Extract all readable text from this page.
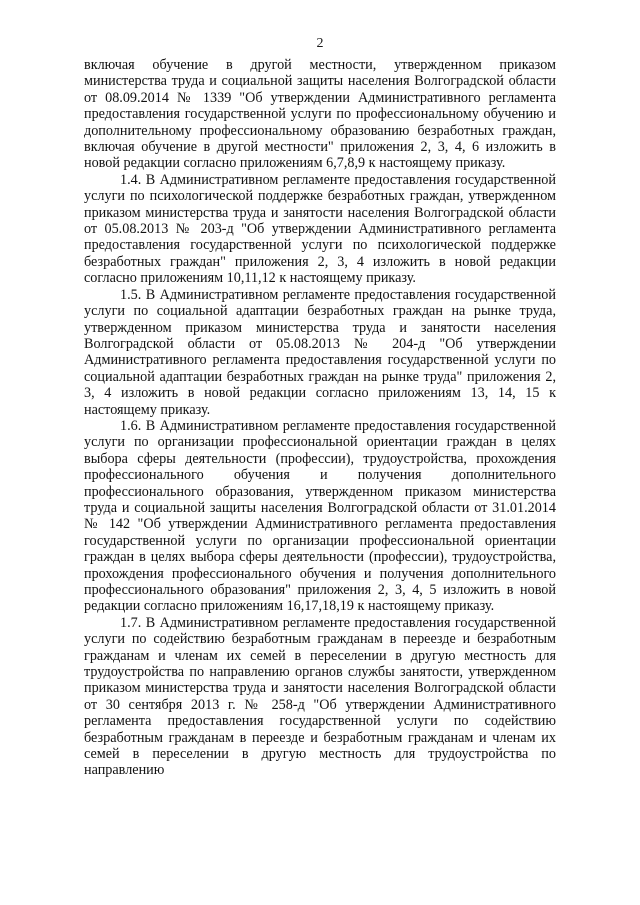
2

включая обучение в другой местности, утвержденном приказом министерства труда и социальной защиты населения Волгоградской области от 08.09.2014 № 1339 "Об утверждении Административного регламента предоставления государственной услуги по профессиональному обучению и дополнительному профессиональному образованию безработных граждан, включая обучение в другой местности" приложения 2, 3, 4, 6 изложить в новой редакции согласно приложениям 6,7,8,9 к настоящему приказу.

1.4. В Административном регламенте предоставления государственной услуги по психологической поддержке безработных граждан, утвержденном приказом министерства труда и занятости населения Волгоградской области от 05.08.2013 № 203-д "Об утверждении Административного регламента предоставления государственной услуги по психологической поддержке безработных граждан" приложения 2, 3, 4 изложить в новой редакции согласно приложениям 10,11,12 к настоящему приказу.

1.5. В Административном регламенте предоставления государственной услуги по социальной адаптации безработных граждан на рынке труда, утвержденном приказом министерства труда и занятости населения Волгоградской области от 05.08.2013 № 204-д "Об утверждении Административного регламента предоставления государственной услуги по социальной адаптации безработных граждан на рынке труда" приложения 2, 3, 4 изложить в новой редакции согласно приложениям 13, 14, 15 к настоящему приказу.

1.6. В Административном регламенте предоставления государственной услуги по организации профессиональной ориентации граждан в целях выбора сферы деятельности (профессии), трудоустройства, прохождения профессионального обучения и получения дополнительного профессионального образования, утвержденном приказом министерства труда и социальной защиты населения Волгоградской области от 31.01.2014 № 142 "Об утверждении Административного регламента предоставления государственной услуги по организации профессиональной ориентации граждан в целях выбора сферы деятельности (профессии), трудоустройства, прохождения профессионального обучения и получения дополнительного профессионального образования" приложения 2, 3, 4, 5 изложить в новой редакции согласно приложениям 16,17,18,19 к настоящему приказу.

1.7. В Административном регламенте предоставления государственной услуги по содействию безработным гражданам в переезде и безработным гражданам и членам их семей в переселении в другую местность для трудоустройства по направлению органов службы занятости, утвержденном приказом министерства труда и занятости населения Волгоградской области от 30 сентября 2013 г. № 258-д "Об утверждении Административного регламента предоставления государственной услуги по содействию безработным гражданам в переезде и безработным гражданам и членам их семей в переселении в другую местность для трудоустройства по направлению
